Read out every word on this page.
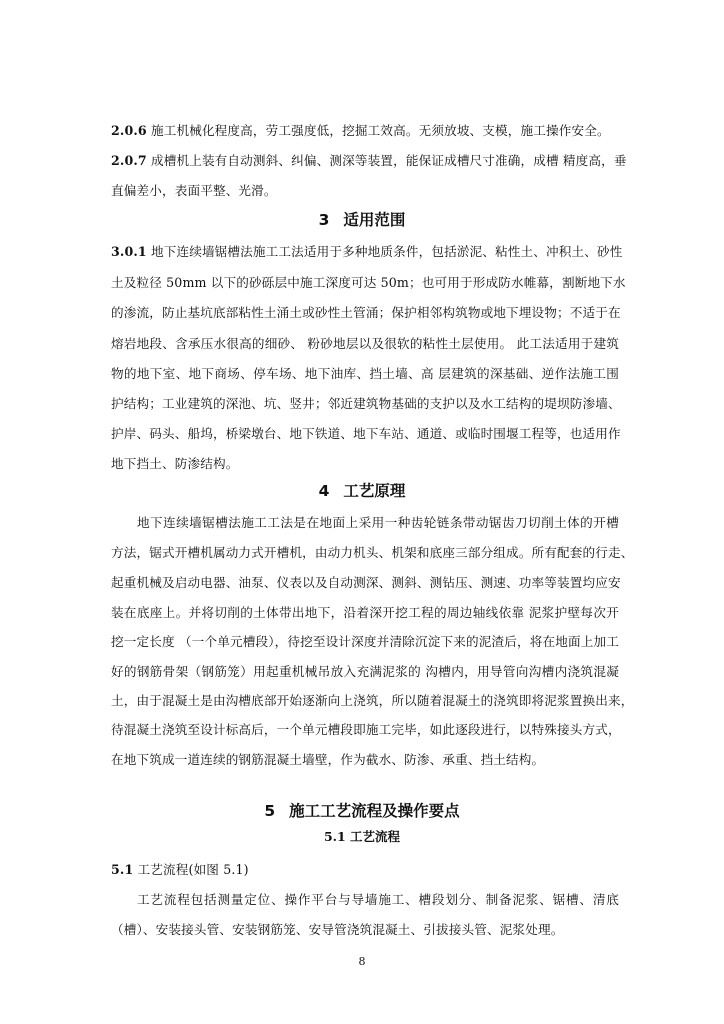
2.0.6 施工机械化程度高，劳工强度低，挖掘工效高。无须放坡、支模，施工操作安全。
2.0.7 成槽机上装有自动测斜、纠偏、测深等装置，能保证成槽尺寸准确，成槽 精度高，垂
直偏差小，表面平整、光滑。
3 适用范围
3.0.1 地下连续墙锯槽法施工工法适用于多种地质条件，包括淤泥、粘性土、冲积土、砂性
土及粒径 50mm 以下的砂砾层中施工深度可达 50m；也可用于形成防水帷幕，割断地下水
的渗流，防止基坑底部粘性土涌土或砂性土管涌；保护相邻构筑物或地下埋设物；不适于在
熔岩地段、含承压水很高的细砂、 粉砂地层以及很软的粘性土层使用。 此工法适用于建筑
物的地下室、地下商场、停车场、地下油库、挡土墙、高 层建筑的深基础、逆作法施工围
护结构；工业建筑的深池、坑、竖井；邻近建筑物基础的支护以及水工结构的堤坝防渗墙、
护岸、码头、船坞，桥梁墩台、地下铁道、地下车站、通道、或临时围堰工程等，也适用作
地下挡土、防渗结构。
4 工艺原理
地下连续墙锯槽法施工工法是在地面上采用一种齿轮链条带动锯齿刀切削土体的开槽
方法，锯式开槽机属动力式开槽机，由动力机头、机架和底座三部分组成。所有配套的行走、
起重机械及启动电器、油泵、仪表以及自动测深、测斜、测钻压、测速、功率等装置均应安
装在底座上。并将切削的土体带出地下，沿着深开挖工程的周边轴线依靠 泥浆护壁每次开
挖一定长度 （一个单元槽段），待挖至设计深度并清除沉淀下来的泥渣后，将在地面上加工
好的钢筋骨架（钢筋笼）用起重机械吊放入充满泥浆的 沟槽内，用导管向沟槽内浇筑混凝
土，由于混凝土是由沟槽底部开始逐渐向上浇筑，所以随着混凝土的浇筑即将泥浆置换出来，
待混凝土浇筑至设计标高后，一个单元槽段即施工完毕，如此逐段进行，以特殊接头方式，
在地下筑成一道连续的钢筋混凝土墙壁，作为截水、防渗、承重、挡土结构。
5 施工工艺流程及操作要点
5.1 工艺流程
5.1 工艺流程(如图 5.1)
工艺流程包括测量定位、操作平台与导墙施工、槽段划分、制备泥浆、锯槽、清底
（槽）、安装接头管、安装钢筋笼、安导管浇筑混凝土、引拔接头管、泥浆处理。
8
